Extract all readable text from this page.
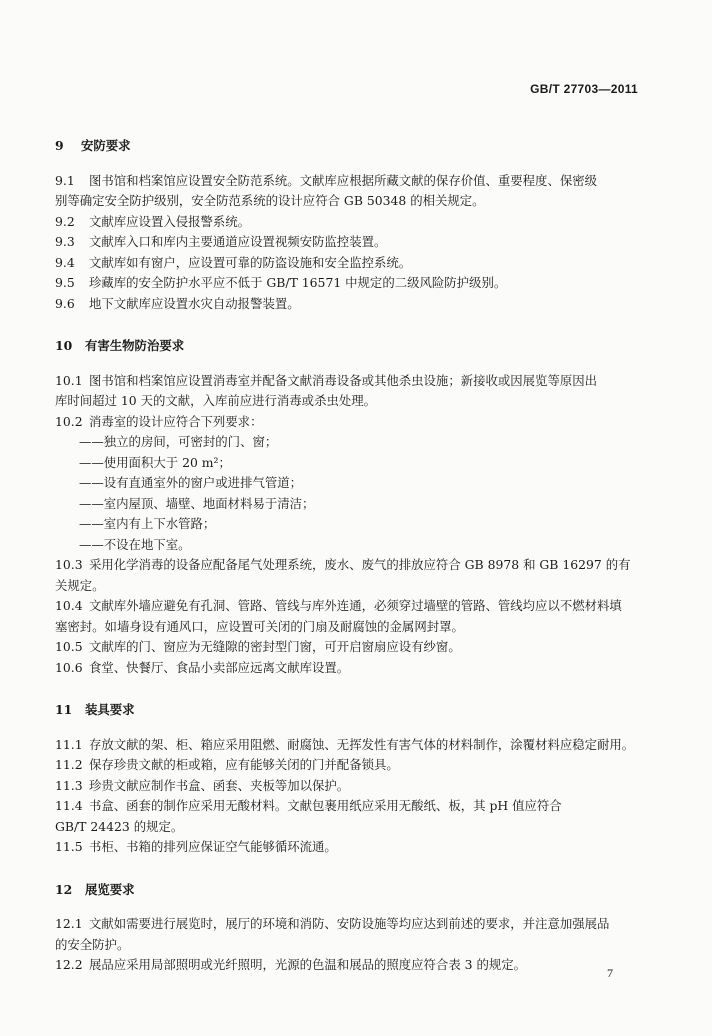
GB/T 27703—2011
9 安防要求
9.1 图书馆和档案馆应设置安全防范系统。文献库应根据所藏文献的保存价值、重要程度、保密级
别等确定安全防护级别，安全防范系统的设计应符合 GB 50348 的相关规定。
9.2 文献库应设置入侵报警系统。
9.3 文献库入口和库内主要通道应设置视频安防监控装置。
9.4 文献库如有窗户，应设置可靠的防盗设施和安全监控系统。
9.5 珍藏库的安全防护水平应不低于 GB/T 16571 中规定的二级风险防护级别。
9.6 地下文献库应设置水灾自动报警装置。
10 有害生物防治要求
10.1 图书馆和档案馆应设置消毒室并配备文献消毒设备或其他杀虫设施；新接收或因展览等原因出
库时间超过 10 天的文献，入库前应进行消毒或杀虫处理。
10.2 消毒室的设计应符合下列要求：
——独立的房间，可密封的门、窗；
——使用面积大于 20 m²；
——设有直通室外的窗户或进排气管道；
——室内屋顶、墙壁、地面材料易于清洁；
——室内有上下水管路；
——不设在地下室。
10.3 采用化学消毒的设备应配备尾气处理系统，废水、废气的排放应符合 GB 8978 和 GB 16297 的有
关规定。
10.4 文献库外墙应避免有孔洞、管路、管线与库外连通，必须穿过墙壁的管路、管线均应以不燃材料填
塞密封。如墙身设有通风口，应设置可关闭的门扇及耐腐蚀的金属网封罩。
10.5 文献库的门、窗应为无缝隙的密封型门窗，可开启窗扇应设有纱窗。
10.6 食堂、快餐厅、食品小卖部应远离文献库设置。
11 装具要求
11.1 存放文献的架、柜、箱应采用阻燃、耐腐蚀、无挥发性有害气体的材料制作，涂覆材料应稳定耐用。
11.2 保存珍贵文献的柜或箱，应有能够关闭的门并配备锁具。
11.3 珍贵文献应制作书盒、函套、夹板等加以保护。
11.4 书盒、函套的制作应采用无酸材料。文献包裹用纸应采用无酸纸、板，其 pH 值应符合
GB/T 24423 的规定。
11.5 书柜、书箱的排列应保证空气能够循环流通。
12 展览要求
12.1 文献如需要进行展览时，展厅的环境和消防、安防设施等均应达到前述的要求，并注意加强展品
的安全防护。
12.2 展品应采用局部照明或光纤照明，光源的色温和展品的照度应符合表 3 的规定。
7
